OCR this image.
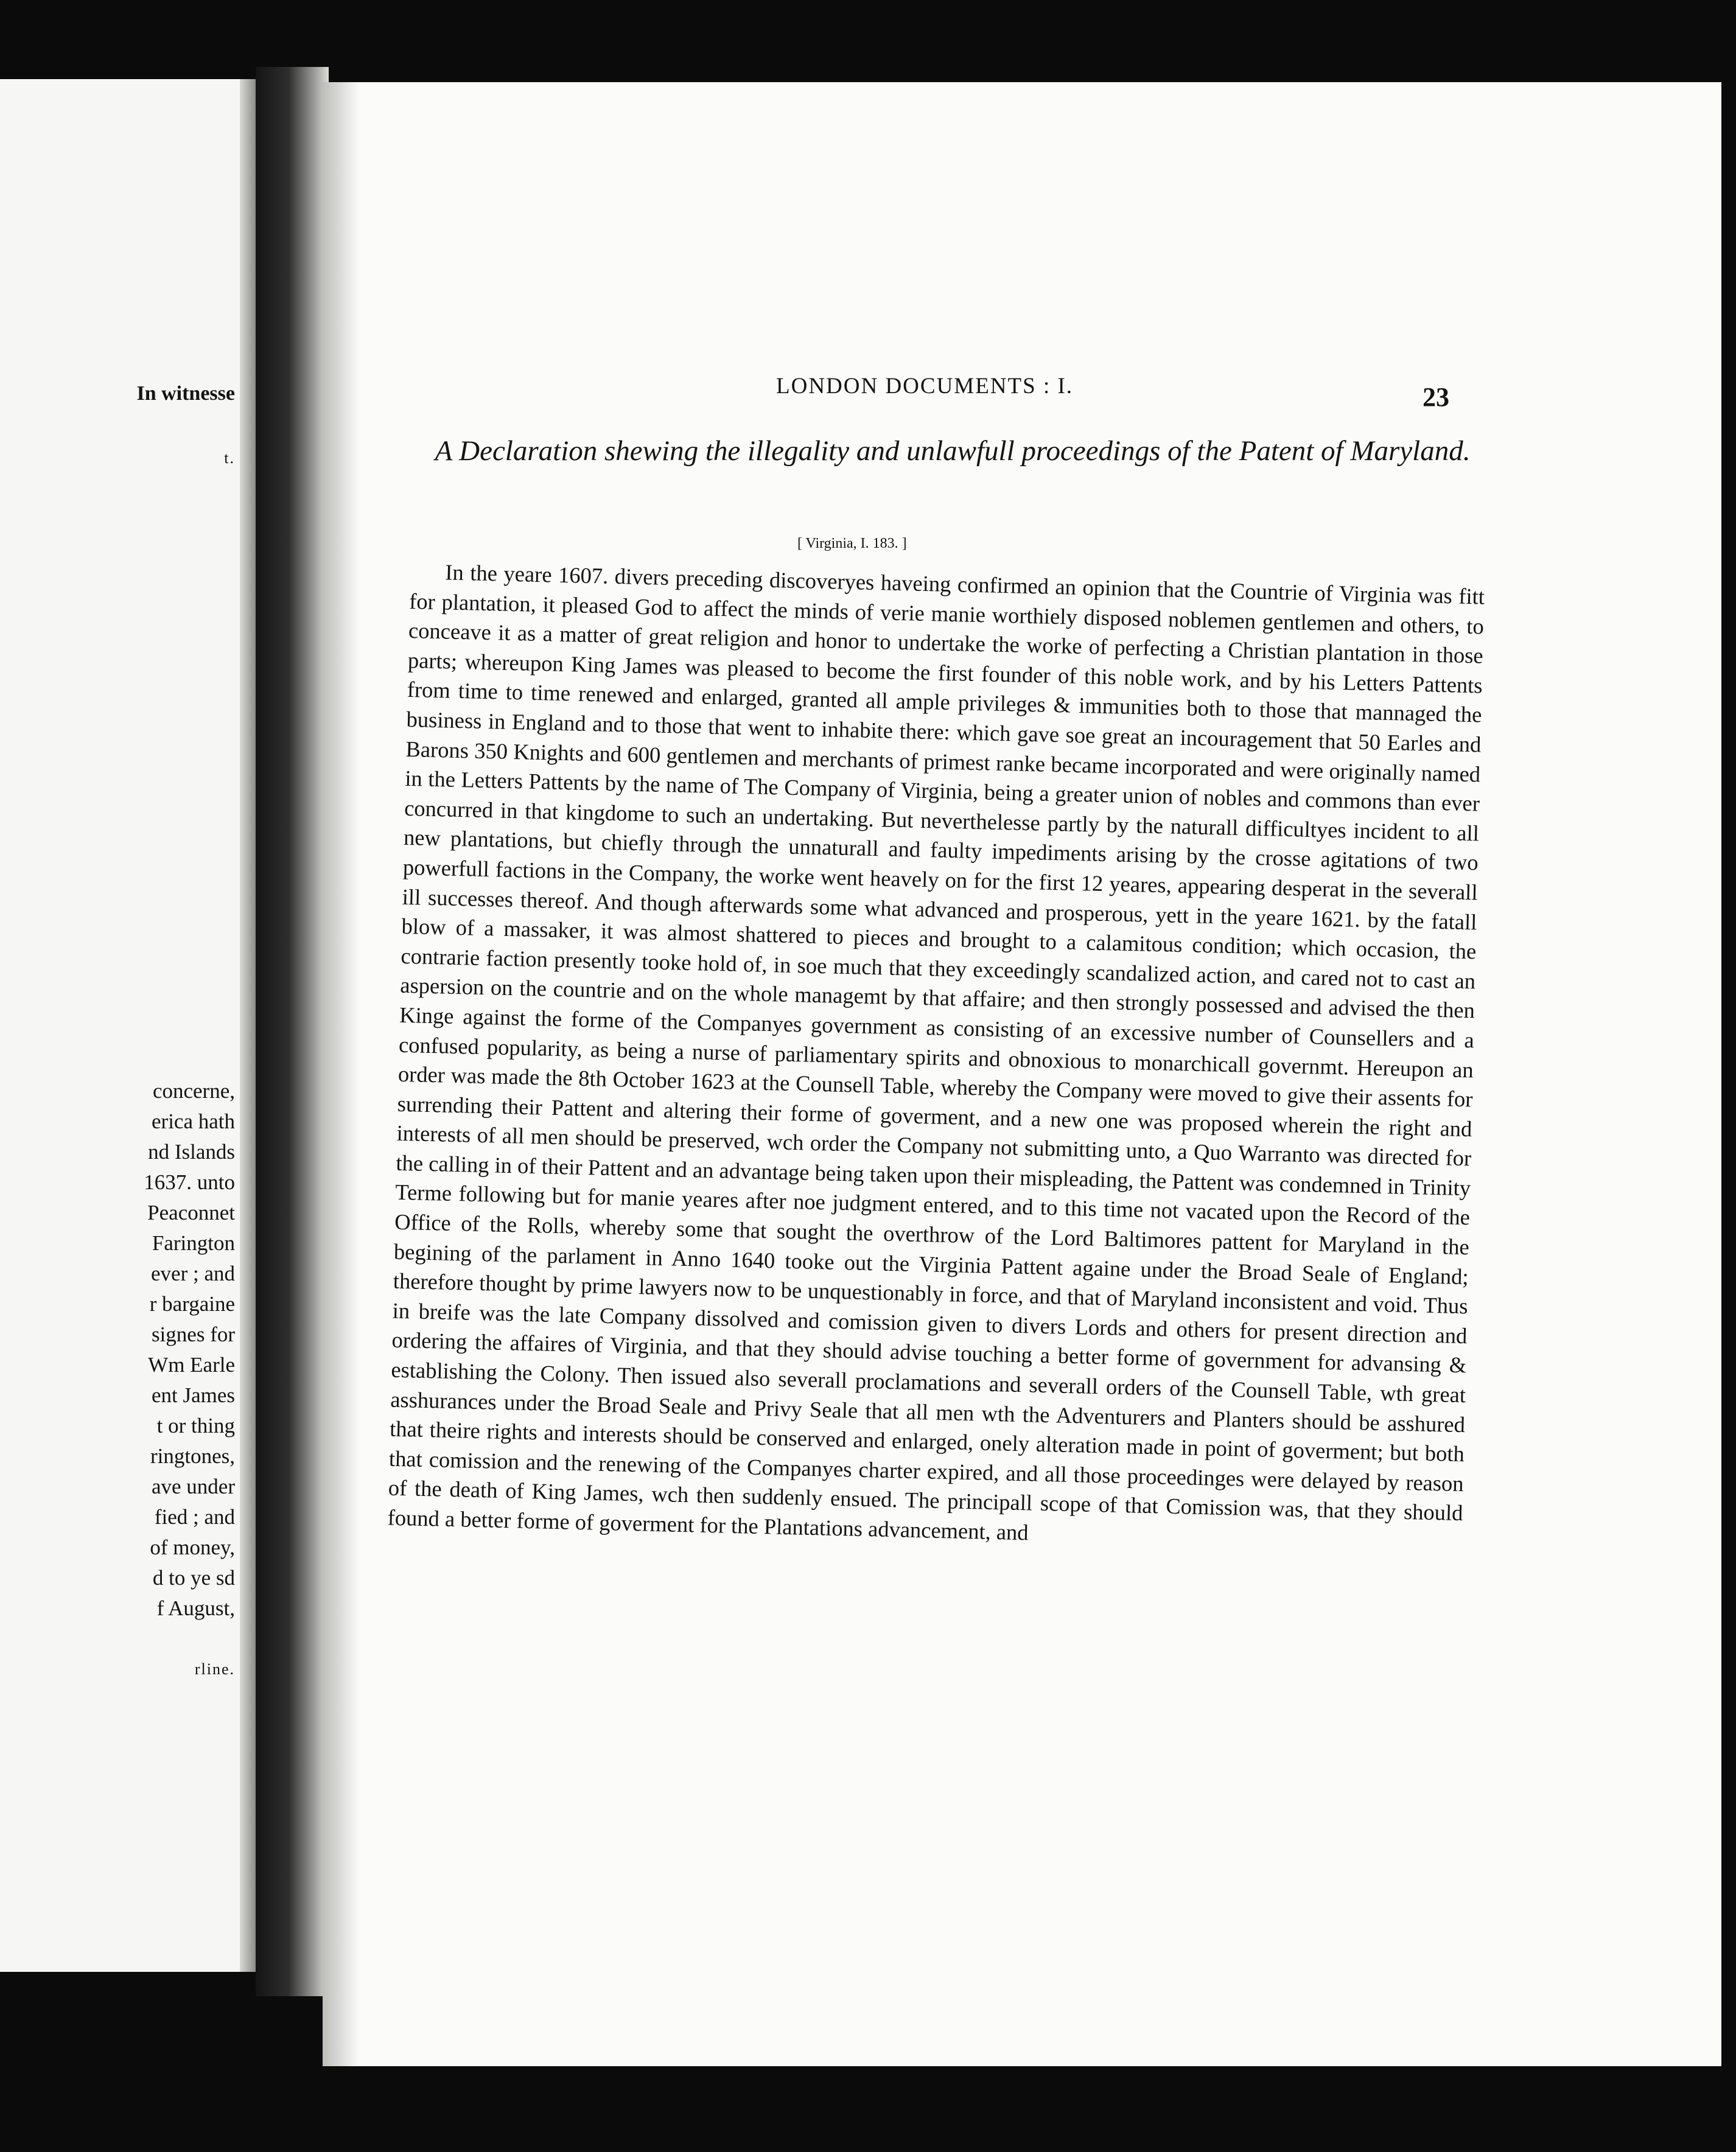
In witnesse
t.
concerne,
erica hath
nd Islands
1637. unto
Peaconnet
Farington
ever ; and
r bargaine
signes for
Wm Earle
ent James
t or thing
ringtones,
ave under
fied ; and
of money,
d to ye sd
f August,
rline.
LONDON DOCUMENTS : I.	23
A Declaration shewing the illegality and unlawfull proceedings of the Patent of Maryland.
[ Virginia, I. 183. ]

In the yeare 1607. divers preceding discoveryes haveing confirmed an opinion that the Countrie of Virginia was fitt for plantation, it pleased God to affect the minds of verie manie worthiely disposed noblemen gentlemen and others, to conceave it as a matter of great religion and honor to undertake the worke of perfecting a Christian plantation in those parts; whereupon King James was pleased to become the first founder of this noble work, and by his Letters Pattents from time to time renewed and enlarged, granted all ample privileges & immunities both to those that mannaged the business in England and to those that went to inhabite there: which gave soe great an incouragement that 50 Earles and Barons 350 Knights and 600 gentlemen and merchants of primest ranke became incorporated and were originally named in the Letters Pattents by the name of The Company of Virginia, being a greater union of nobles and commons than ever concurred in that kingdome to such an undertaking. But neverthelesse partly by the naturall difficultyes incident to all new plantations, but chiefly through the unnaturall and faulty impediments arising by the crosse agitations of two powerfull factions in the Company, the worke went heavely on for the first 12 yeares, appearing desperat in the severall ill successes thereof. And though afterwards some what advanced and prosperous, yett in the yeare 1621. by the fatall blow of a massaker, it was almost shattered to pieces and brought to a calamitous condition; which occasion, the contrarie faction presently tooke hold of, in soe much that they exceedingly scandalized action, and cared not to cast an aspersion on the countrie and on the whole managemt by that affaire; and then strongly possessed and advised the then Kinge against the forme of the Companyes government as consisting of an excessive number of Counsellers and a confused popularity, as being a nurse of parliamentary spirits and obnoxious to monarchicall governmt. Hereupon an order was made the 8th October 1623 at the Counsell Table, whereby the Company were moved to give their assents for surrending their Pattent and altering their forme of goverment, and a new one was proposed wherein the right and interests of all men should be preserved, wch order the Company not submitting unto, a Quo Warranto was directed for the calling in of their Pattent and an advantage being taken upon their mispleading, the Pattent was condemned in Trinity Terme following but for manie yeares after noe judgment entered, and to this time not vacated upon the Record of the Office of the Rolls, whereby some that sought the overthrow of the Lord Baltimores pattent for Maryland in the begining of the parlament in Anno 1640 tooke out the Virginia Pattent againe under the Broad Seale of England; therefore thought by prime lawyers now to be unquestionably in force, and that of Maryland inconsistent and void. Thus in breife was the late Company dissolved and comission given to divers Lords and others for present direction and ordering the affaires of Virginia, and that they should advise touching a better forme of government for advansing & establishing the Colony. Then issued also severall proclamations and severall orders of the Counsell Table, wth great asshurances under the Broad Seale and Privy Seale that all men wth the Adventurers and Planters should be asshured that theire rights and interests should be conserved and enlarged, onely alteration made in point of goverment; but both that comission and the renewing of the Companyes charter expired, and all those proceedinges were delayed by reason of the death of King James, wch then suddenly ensued. The principall scope of that Comission was, that they should found a better forme of goverment for the Plantations advancement, and
